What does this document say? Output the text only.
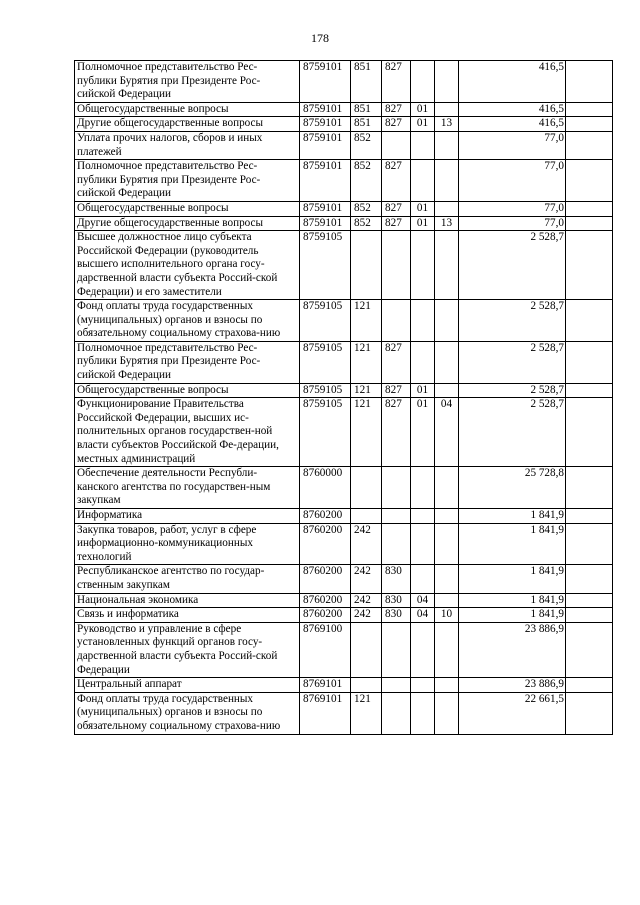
178
Полномочное представительство Рес-публики Бурятия при Президенте Рос-сийской Федерации	8759101	851	827			416,5	
Общегосударственные вопросы	8759101	851	827	01		416,5	
Другие общегосударственные вопросы	8759101	851	827	01	13	416,5	
Уплата прочих налогов, сборов и иных платежей	8759101	852				77,0	
Полномочное представительство Рес-публики Бурятия при Президенте Рос-сийской Федерации	8759101	852	827			77,0	
Общегосударственные вопросы	8759101	852	827	01		77,0	
Другие общегосударственные вопросы	8759101	852	827	01	13	77,0	
Высшее должностное лицо субъекта Российской Федерации (руководитель высшего исполнительного органа госу-дарственной власти субъекта Россий-ской Федерации) и его заместители	8759105					2 528,7	
Фонд оплаты труда государственных (муниципальных) органов и взносы по обязательному социальному страхова-нию	8759105	121				2 528,7	
Полномочное представительство Рес-публики Бурятия при Президенте Рос-сийской Федерации	8759105	121	827			2 528,7	
Общегосударственные вопросы	8759105	121	827	01		2 528,7	
Функционирование Правительства Российской Федерации, высших ис-полнительных органов государствен-ной власти субъектов Российской Фе-дерации, местных администраций	8759105	121	827	01	04	2 528,7	
Обеспечение деятельности Республи-канского агентства по государствен-ным закупкам	8760000					25 728,8	
Информатика	8760200					1 841,9	
Закупка товаров, работ, услуг в сфере информационно-коммуникационных технологий	8760200	242				1 841,9	
Республиканское агентство по государ-ственным закупкам	8760200	242	830			1 841,9	
Национальная экономика	8760200	242	830	04		1 841,9	
Связь и информатика	8760200	242	830	04	10	1 841,9	
Руководство и управление в сфере установленных функций органов госу-дарственной власти субъекта Россий-ской Федерации	8769100					23 886,9	
Центральный аппарат	8769101					23 886,9	
Фонд оплаты труда государственных (муниципальных) органов и взносы по обязательному социальному страхова-нию	8769101	121				22 661,5	
